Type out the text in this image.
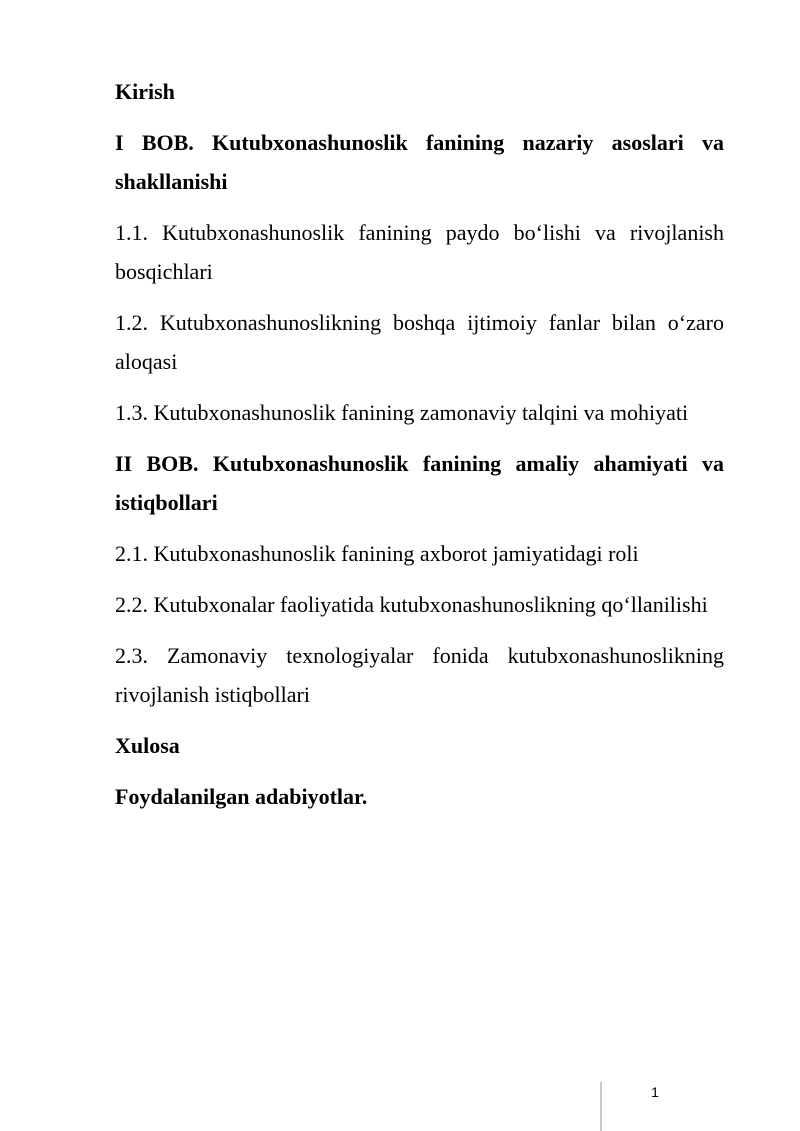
Kirish

I BOB. Kutubxonashunoslik fanining nazariy asoslari va shakllanishi

1.1. Kutubxonashunoslik fanining paydo bo‘lishi va rivojlanish bosqichlari

1.2. Kutubxonashunoslikning boshqa ijtimoiy fanlar bilan o‘zaro aloqasi

1.3. Kutubxonashunoslik fanining zamonaviy talqini va mohiyati

II BOB. Kutubxonashunoslik fanining amaliy ahamiyati va istiqbollari

2.1. Kutubxonashunoslik fanining axborot jamiyatidagi roli

2.2. Kutubxonalar faoliyatida kutubxonashunoslikning qo‘llanilishi

2.3. Zamonaviy texnologiyalar fonida kutubxonashunoslikning rivojlanish istiqbollari

Xulosa

Foydalanilgan adabiyotlar.

1
